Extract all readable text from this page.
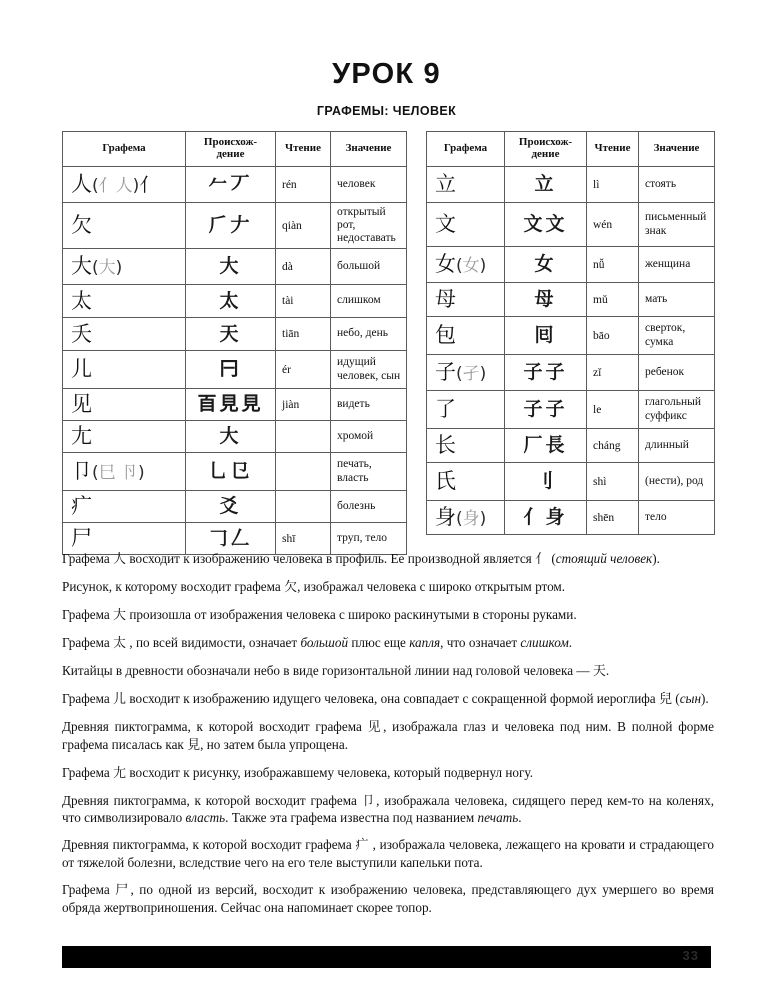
УРОК 9
ГРАФЕМЫ: ЧЕЛОВЕК
Графема	Происхож-
дение	Чтение	Значение
人(亻人)亻	𠂉丆	rén	человек
欠	𠂆𠂇	qiàn	открытый рот, недоставать
大(大)	大	dà	большой
太	太	tài	слишком
夭	天	tiān	небо, день
儿	𠔼	ér	идущий человек, сын
见	𦣻見見	jiàn	видеть
尢	大		хромой
卩(巳 卪)	乚㔾		печать, власть
疒	爻		болезнь
尸	𠃌𠃋	shī	труп, тело
Графема	Происхож-
дение	Чтение	Значение
立	立	lì	стоять
文	文文	wén	письменный знак
女(女)	女	nǚ	женщина
母	母	mǔ	мать
包	囘	bāo	сверток, сумка
子(孑)	子子	zǐ	ребенок
了	子子	le	глагольный суффикс
长	厂長	cháng	длинный
氏	刂	shì	(нести), род
身(身)	亻身	shēn	тело

Графема 人 восходит к изображению человека в профиль. Ее производной является 亻 (стоящий человек).

Рисунок, к которому восходит графема 欠, изображал человека с широко открытым ртом.

Графема 大 произошла от изображения человека с широко раскинутыми в стороны руками.

Графема 太 , по всей видимости, означает большой плюс еще капля, что означает слишком.

Китайцы в древности обозначали небо в виде горизонтальной линии над головой человека — 天.

Графема 儿 восходит к изображению идущего человека, она совпадает с сокращенной формой иероглифа 兒 (сын).

Древняя пиктограмма, к которой восходит графема 见, изображала глаз и человека под ним. В полной форме графема писалась как 見, но затем была упрощена.

Графема 尢 восходит к рисунку, изображавшему человека, который подвернул ногу.

Древняя пиктограмма, к которой восходит графема 卩, изображала человека, сидящего перед кем-то на коленях, что символизировало власть. Также эта графема известна под названием печать.

Древняя пиктограмма, к которой восходит графема 疒 , изображала человека, лежащего на кровати и страдающего от тяжелой болезни, вследствие чего на его теле выступили капельки пота.

Графема 尸, по одной из версий, восходит к изображению человека, представляющего дух умершего во время обряда жертвоприношения. Сейчас она напоминает скорее топор.

33
